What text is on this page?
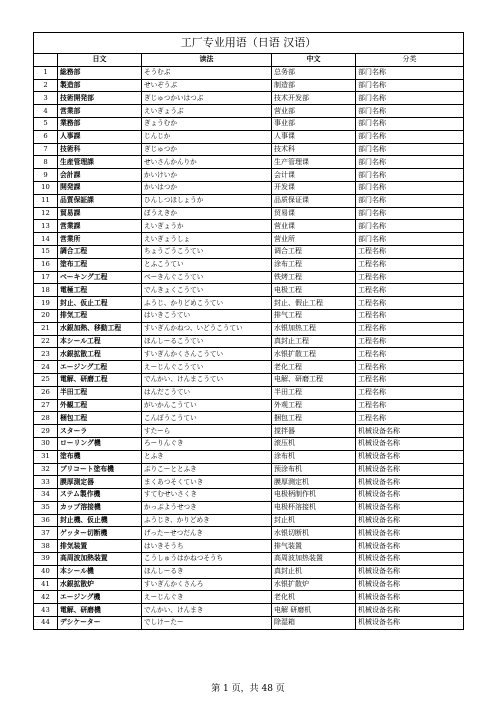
工厂专业用语（日语 汉语）				
	日文	读法	中文	分类
1	総務部	そうむぶ	总务部	部门名称
2	製造部	せいぞうぶ	制造部	部门名称
3	技術開発部	ぎじゅつかいはつぶ	技术开发部	部门名称
4	営業部	えいぎょうぶ	营业部	部门名称
5	業務部	ぎょうむか	事业部	部门名称
6	人事課	じんじか	人事课	部门名称
7	技術科	ぎじゅつか	技术科	部门名称
8	生産管理課	せいさんかんりか	生产管理课	部门名称
9	会計課	かいけいか	会计课	部门名称
10	開発課	かいはつか	开发课	部门名称
11	品質保証課	ひんしつほしょうか	品质保证课	部门名称
12	貿易課	ぼうえきか	贸易课	部门名称
13	営業課	えいぎょうか	营业课	部门名称
14	営業所	えいぎょうしょ	营业所	部门名称
15	調合工程	ちょうごうこうてい	调合工程	工程名称
16	塗布工程	とふこうてい	涂布工程	工程名称
17	ベーキング工程	べーきんぐこうてい	铁烤工程	工程名称
18	電極工程	でんきょくこうてい	电极工程	工程名称
19	封止、仮止工程	ふうじ、かりどめこうてい	封止、假止工程	工程名称
20	排気工程	はいきこうてい	排气工程	工程名称
21	水銀加熱、移動工程	すいぎんかねつ、いどうこうてい	水银加热工程	工程名称
22	本シール工程	ほんしーるこうてい	真封止工程	工程名称
23	水銀拡散工程	すいぎんかくさんこうてい	水银扩散工程	工程名称
24	エージング工程	えーじんぐこうてい	老化工程	工程名称
25	電解、研磨工程	でんかい、けんまこうてい	电解、研磨工程	工程名称
26	半田工程	はんだこうてい	半田工程	工程名称
27	外観工程	がいかんこうてい	外观工程	工程名称
28	梱包工程	こんぽうこうてい	捆包工程	工程名称
29	スターラ	すたーら	搅拌器	机械设备名称
30	ローリング機	ろーりんぐき	滚压机	机械设备名称
31	塗布機	とふき	涂布机	机械设备名称
32	プリコート塗布機	ぷりこーととふき	预涂布机	机械设备名称
33	膜厚測定器	まくあつそくていき	膜厚测定机	机械设备名称
34	ステム製作機	すてむせいさくき	电极柄制作机	机械设备名称
35	カップ溶接機	かっぷようせつき	电极杯溶接机	机械设备名称
36	封止機、仮止機	ふうじき、かりどめき	封止机	机械设备名称
37	ゲッター切断機	げったーせつだんき	水银切断机	机械设备名称
38	排気装置	はいきそうち	排气装置	机械设备名称
39	高周波加熱装置	こうしゅうはかねつそうち	高周波加热装置	机械设备名称
40	本シール機	ほんしーるき	真封止机	机械设备名称
41	水銀拡散炉	すいぎんかくさんろ	水银扩散炉	机械设备名称
42	エージング機	えーじんぐき	老化机	机械设备名称
43	電解、研磨機	でんかい、けんまき	电解 研磨机	机械设备名称
44	デシケーター	でしけーたー	除湿箱	机械设备名称
第 1 页，共 48 页
